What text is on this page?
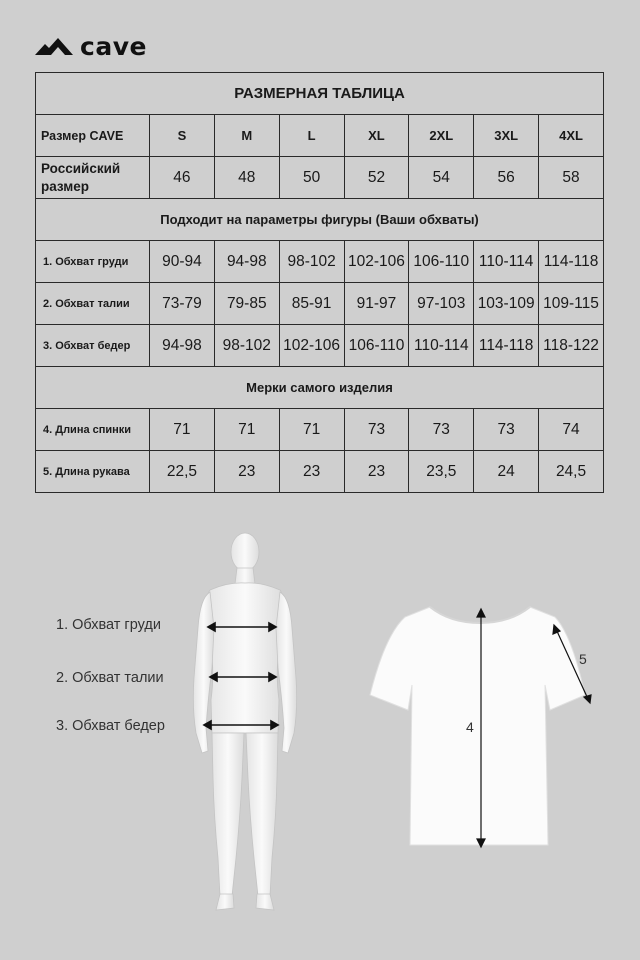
cave
РАЗМЕРНАЯ ТАБЛИЦА							
Размер CAVE	S	M	L	XL	2XL	3XL	4XL
Российский размер	46	48	50	52	54	56	58
Подходит на параметры фигуры (Ваши обхваты)							
1. Обхват груди	90-94	94-98	98-102	102-106	106-110	110-114	114-118
2. Обхват талии	73-79	79-85	85-91	91-97	97-103	103-109	109-115
3. Обхват бедер	94-98	98-102	102-106	106-110	110-114	114-118	118-122
Мерки самого изделия							
4. Длина спинки	71	71	71	73	73	73	74
5. Длина рукава	22,5	23	23	23	23,5	24	24,5
1. Обхват груди
2. Обхват талии
3. Обхват бедер	4
5
